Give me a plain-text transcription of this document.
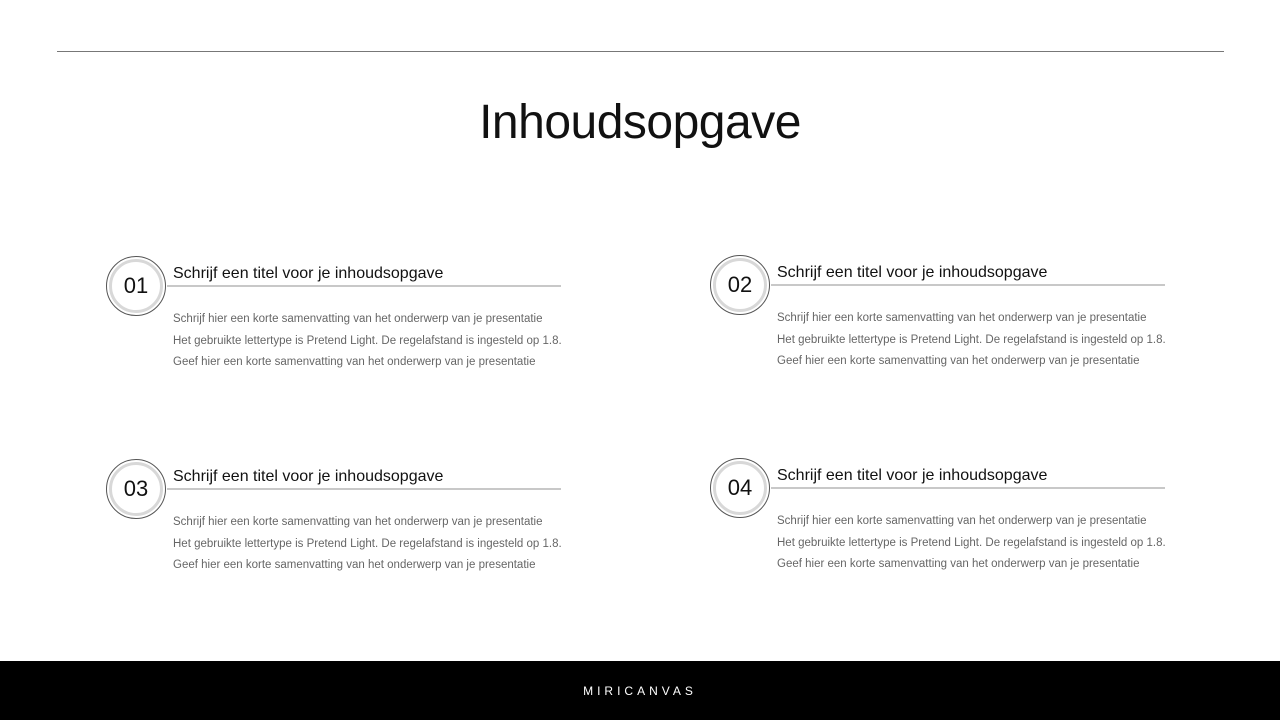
Inhoudsopgave
01 Schrijf een titel voor je inhoudsopgave
Schrijf hier een korte samenvatting van het onderwerp van je presentatie
Het gebruikte lettertype is Pretend Light. De regelafstand is ingesteld op 1.8.
Geef hier een korte samenvatting van het onderwerp van je presentatie
02 Schrijf een titel voor je inhoudsopgave
Schrijf hier een korte samenvatting van het onderwerp van je presentatie
Het gebruikte lettertype is Pretend Light. De regelafstand is ingesteld op 1.8.
Geef hier een korte samenvatting van het onderwerp van je presentatie
03 Schrijf een titel voor je inhoudsopgave
Schrijf hier een korte samenvatting van het onderwerp van je presentatie
Het gebruikte lettertype is Pretend Light. De regelafstand is ingesteld op 1.8.
Geef hier een korte samenvatting van het onderwerp van je presentatie
04 Schrijf een titel voor je inhoudsopgave
Schrijf hier een korte samenvatting van het onderwerp van je presentatie
Het gebruikte lettertype is Pretend Light. De regelafstand is ingesteld op 1.8.
Geef hier een korte samenvatting van het onderwerp van je presentatie
MIRICANVAS
